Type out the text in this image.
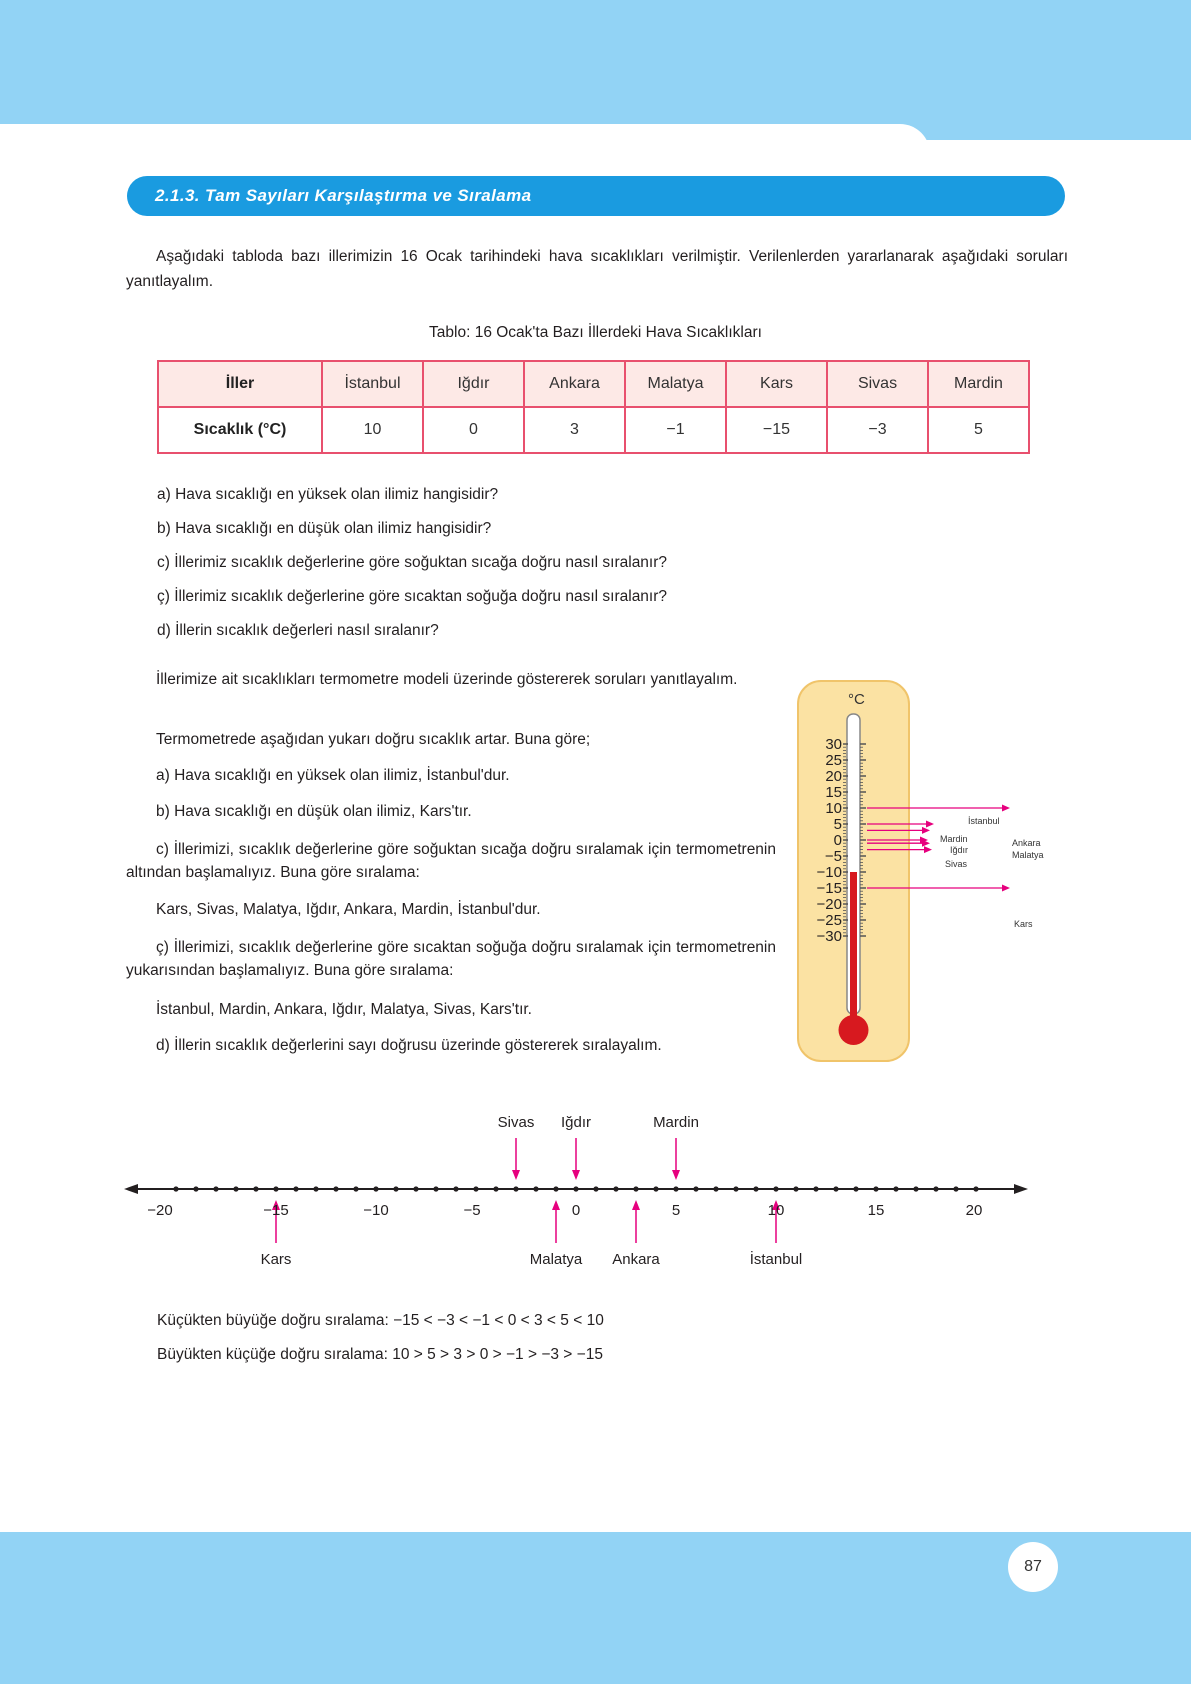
2. ÜNİTE
2.1.3. Tam Sayıları Karşılaştırma ve Sıralama
Aşağıdaki tabloda bazı illerimizin 16 Ocak tarihindeki hava sıcaklıkları verilmiştir. Verilenlerden yararlanarak aşağıdaki soruları yanıtlayalım.
Tablo: 16 Ocak'ta Bazı İllerdeki Hava Sıcaklıkları
İller	İstanbul	Iğdır	Ankara	Malatya	Kars	Sivas	Mardin
Sıcaklık (°C)	10	0	3	−1	−15	−3	5
a) Hava sıcaklığı en yüksek olan ilimiz hangisidir?
b) Hava sıcaklığı en düşük olan ilimiz hangisidir?
c) İllerimiz sıcaklık değerlerine göre soğuktan sıcağa doğru nasıl sıralanır?
ç) İllerimiz sıcaklık değerlerine göre sıcaktan soğuğa doğru nasıl sıralanır?
d) İllerin sıcaklık değerleri nasıl sıralanır?
İllerimize ait sıcaklıkları termometre modeli üzerinde göstererek soruları yanıtlayalım.
Termometrede aşağıdan yukarı doğru sıcaklık artar. Buna göre;
a) Hava sıcaklığı en yüksek olan ilimiz, İstanbul'dur.
b) Hava sıcaklığı en düşük olan ilimiz, Kars'tır.
c) İllerimizi, sıcaklık değerlerine göre soğuktan sıcağa doğru sıralamak için termometrenin altından başlamalıyız. Buna göre sıralama:
Kars, Sivas, Malatya, Iğdır, Ankara, Mardin, İstanbul'dur.
ç) İllerimizi, sıcaklık değerlerine göre sıcaktan soğuğa doğru sıralamak için termometrenin yukarısından başlamalıyız. Buna göre sıralama:
İstanbul, Mardin, Ankara, Iğdır, Malatya, Sivas, Kars'tır.
d) İllerin sıcaklık değerlerini sayı doğrusu üzerinde göstererek sıralayalım.
°C
30
25
20
15
10
5
0
−5
−10
−15
−20
−25
−30
İstanbul
Mardin	Ankara
Iğdır	Malatya
Sivas
Kars
−20	−15	−10	−5	0	5	10	15	20
Sivas Iğdır	Mardin
Kars	Malatya Ankara	İstanbul
Küçükten büyüğe doğru sıralama: −15 < −3 < −1 < 0 < 3 < 5 < 10
Büyükten küçüğe doğru sıralama: 10 > 5 > 3 > 0 > −1 > −3 > −15
87
